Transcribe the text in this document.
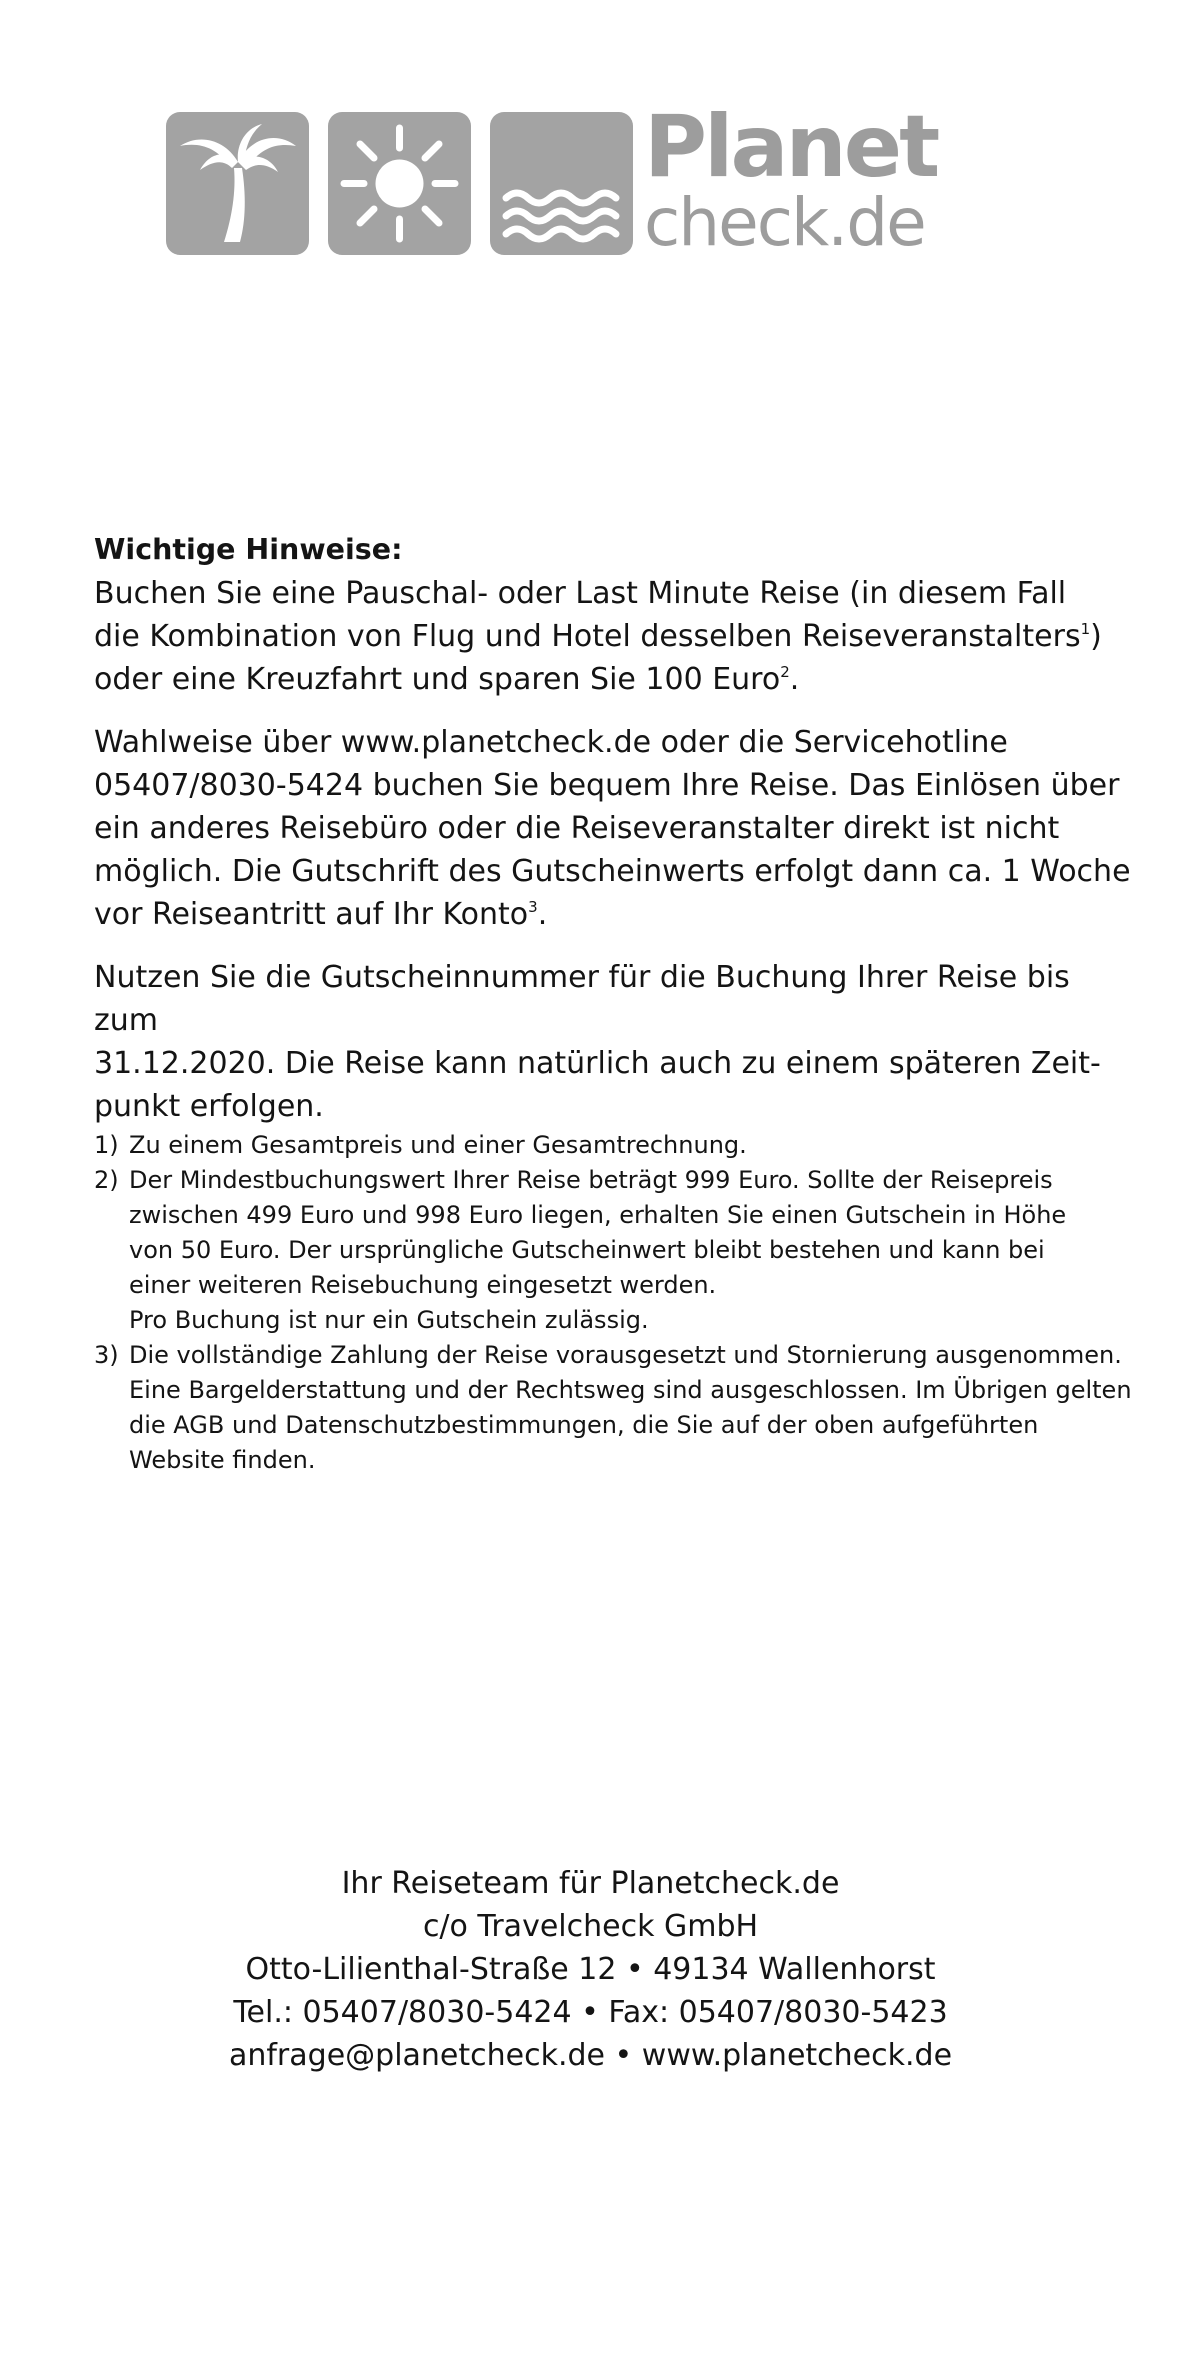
Planet
check.de

Wichtige Hinweise:

Buchen Sie eine Pauschal- oder Last Minute Reise (in diesem Fall

die Kombination von Flug und Hotel desselben Reiseveranstalters$^1$)

oder eine Kreuzfahrt und sparen Sie 100 Euro$^2$.

Wahlweise über www.planetcheck.de oder die Servicehotline

05407/8030-5424 buchen Sie bequem Ihre Reise. Das Einlösen über

ein anderes Reisebüro oder die Reiseveranstalter direkt ist nicht

möglich. Die Gutschrift des Gutscheinwerts erfolgt dann ca. 1 Woche

vor Reiseantritt auf Ihr Konto$^3$.

Nutzen Sie die Gutscheinnummer für die Buchung Ihrer Reise bis zum

31.12.2020. Die Reise kann natürlich auch zu einem späteren Zeit-

punkt erfolgen.

1) Zu einem Gesamtpreis und einer Gesamtrechnung.
2) Der Mindestbuchungswert Ihrer Reise beträgt 999 Euro. Sollte der Reisepreis
zwischen 499 Euro und 998 Euro liegen, erhalten Sie einen Gutschein in Höhe
von 50 Euro. Der ursprüngliche Gutscheinwert bleibt bestehen und kann bei
einer weiteren Reisebuchung eingesetzt werden.
Pro Buchung ist nur ein Gutschein zulässig.
3) Die vollständige Zahlung der Reise vorausgesetzt und Stornierung ausgenommen.
Eine Bargelderstattung und der Rechtsweg sind ausgeschlossen. Im Übrigen gelten
die AGB und Datenschutzbestimmungen, die Sie auf der oben aufgeführten
Website finden.

Ihr Reiseteam für Planetcheck.de

c/o Travelcheck GmbH

Otto-Lilienthal-Straße 12 • 49134 Wallenhorst

Tel.: 05407/8030-5424 • Fax: 05407/8030-5423

anfrage@planetcheck.de • www.planetcheck.de
